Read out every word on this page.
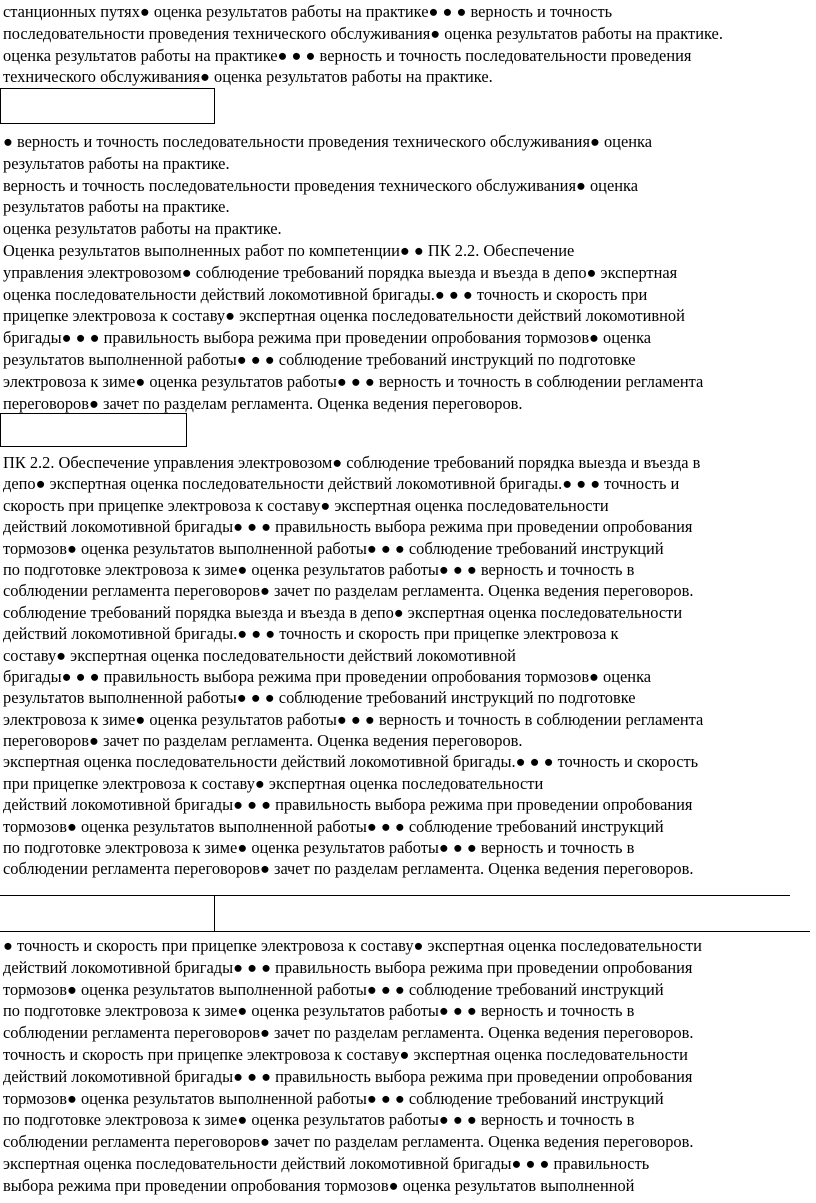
станционных путях● оценка результатов работы на практике● ● ● верность и точность
последовательности проведения технического обслуживания● оценка результатов работы на практике.
оценка результатов работы на практике● ● ● верность и точность последовательности проведения
технического обслуживания● оценка результатов работы на практике.
● верность и точность последовательности проведения технического обслуживания● оценка
результатов работы на практике.
верность и точность последовательности проведения технического обслуживания● оценка
результатов работы на практике.
оценка результатов работы на практике.
Оценка результатов выполненных работ по компетенции● ● ПК 2.2. Обеспечение
управления электровозом● соблюдение требований порядка выезда и въезда в депо● экспертная
оценка последовательности действий локомотивной бригады.● ● ● точность и скорость при
прицепке электровоза к составу● экспертная оценка последовательности действий локомотивной
бригады● ● ● правильность выбора режима при проведении опробования тормозов● оценка
результатов выполненной работы● ● ● соблюдение требований инструкций по подготовке
электровоза к зиме● оценка результатов работы● ● ● верность и точность в соблюдении регламента
переговоров● зачет по разделам регламента. Оценка ведения переговоров.
ПК 2.2. Обеспечение управления электровозом● соблюдение требований порядка выезда и въезда в
депо● экспертная оценка последовательности действий локомотивной бригады.● ● ● точность и
скорость при прицепке электровоза к составу● экспертная оценка последовательности
действий локомотивной бригады● ● ● правильность выбора режима при проведении опробования
тормозов● оценка результатов выполненной работы● ● ● соблюдение требований инструкций
по подготовке электровоза к зиме● оценка результатов работы● ● ● верность и точность в
соблюдении регламента переговоров● зачет по разделам регламента. Оценка ведения переговоров.
соблюдение требований порядка выезда и въезда в депо● экспертная оценка последовательности
действий локомотивной бригады.● ● ● точность и скорость при прицепке электровоза к
составу● экспертная оценка последовательности действий локомотивной
бригады● ● ● правильность выбора режима при проведении опробования тормозов● оценка
результатов выполненной работы● ● ● соблюдение требований инструкций по подготовке
электровоза к зиме● оценка результатов работы● ● ● верность и точность в соблюдении регламента
переговоров● зачет по разделам регламента. Оценка ведения переговоров.
экспертная оценка последовательности действий локомотивной бригады.● ● ● точность и скорость
при прицепке электровоза к составу● экспертная оценка последовательности
действий локомотивной бригады● ● ● правильность выбора режима при проведении опробования
тормозов● оценка результатов выполненной работы● ● ● соблюдение требований инструкций
по подготовке электровоза к зиме● оценка результатов работы● ● ● верность и точность в
соблюдении регламента переговоров● зачет по разделам регламента. Оценка ведения переговоров.
● точность и скорость при прицепке электровоза к составу● экспертная оценка последовательности
действий локомотивной бригады● ● ● правильность выбора режима при проведении опробования
тормозов● оценка результатов выполненной работы● ● ● соблюдение требований инструкций
по подготовке электровоза к зиме● оценка результатов работы● ● ● верность и точность в
соблюдении регламента переговоров● зачет по разделам регламента. Оценка ведения переговоров.
точность и скорость при прицепке электровоза к составу● экспертная оценка последовательности
действий локомотивной бригады● ● ● правильность выбора режима при проведении опробования
тормозов● оценка результатов выполненной работы● ● ● соблюдение требований инструкций
по подготовке электровоза к зиме● оценка результатов работы● ● ● верность и точность в
соблюдении регламента переговоров● зачет по разделам регламента. Оценка ведения переговоров.
экспертная оценка последовательности действий локомотивной бригады● ● ● правильность
выбора режима при проведении опробования тормозов● оценка результатов выполненной
